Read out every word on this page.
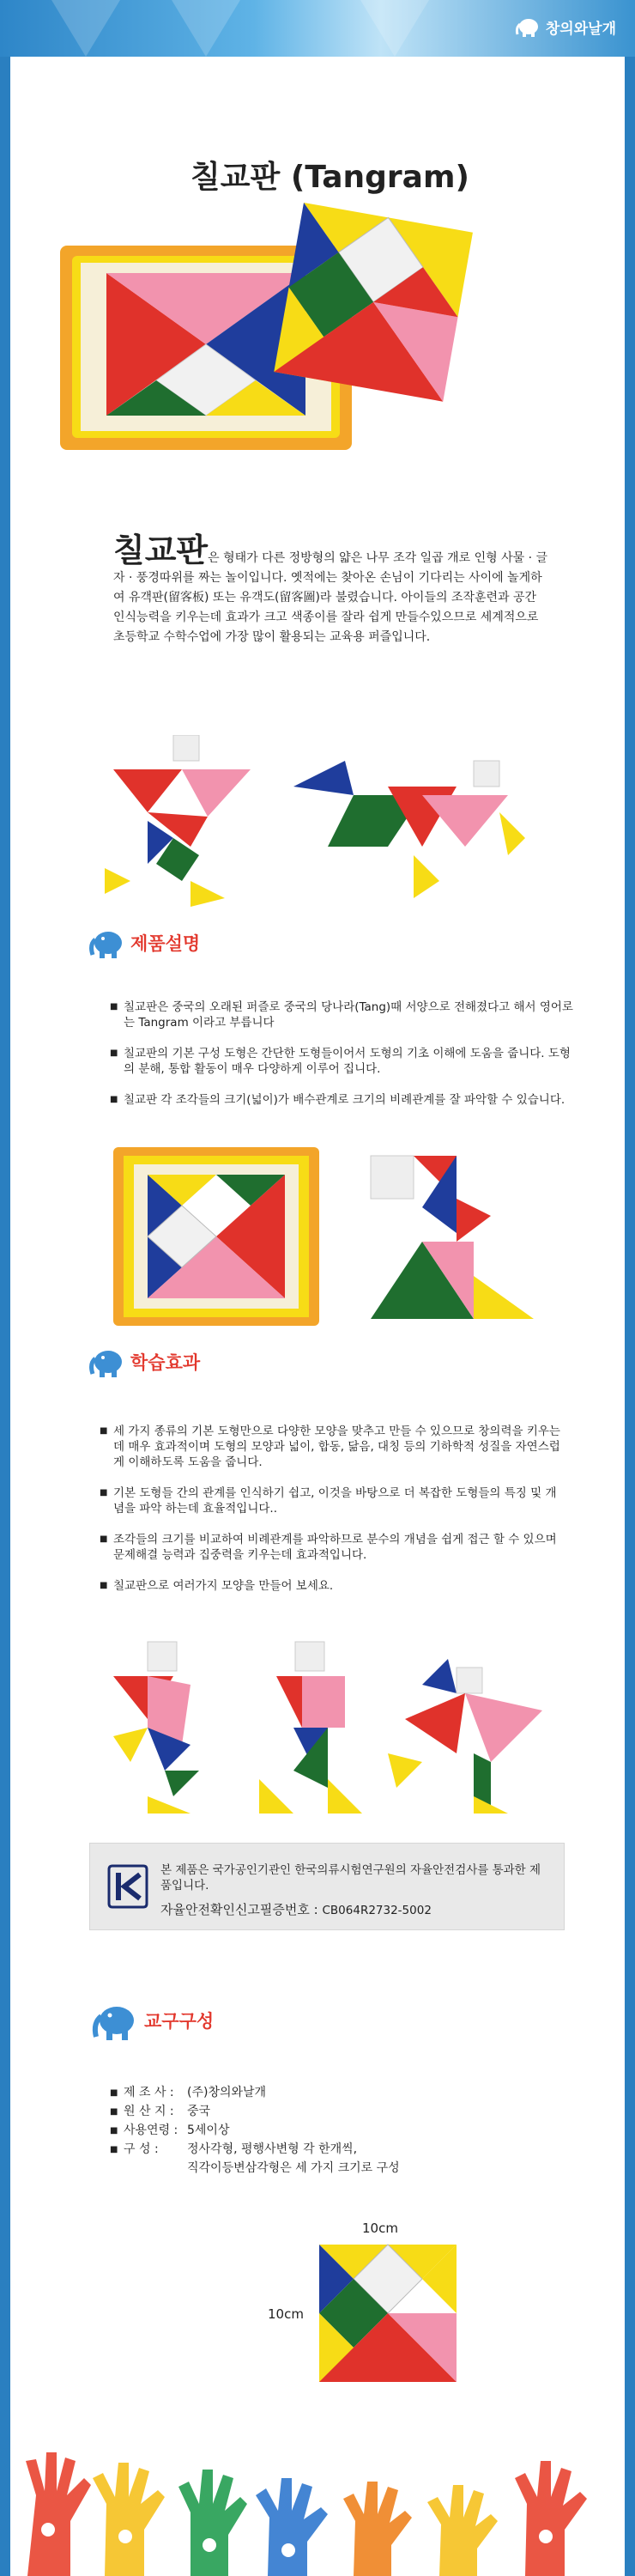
창의와날개
칠교판 (Tangram)
칠교판은 형태가 다른 정방형의 얇은 나무 조각 일곱 개로 인형 사물 · 글자 · 풍경따위를 짜는 놀이입니다. 옛적에는 찾아온 손님이 기다리는 사이에 놀게하여 유객판(留客板) 또는 유객도(留客圖)라 불렸습니다. 아이들의 조작훈련과 공간 인식능력을 키우는데 효과가 크고 색종이를 잘라 쉽게 만들수있으므로 세계적으로 초등학교 수학수업에 가장 많이 활용되는 교육용 퍼즐입니다.
제품설명
■ 칠교판은 중국의 오래된 퍼즐로 중국의 당나라(Tang)때 서양으로 전해졌다고 해서 영어로는 Tangram 이라고 부릅니다
■ 칠교판의 기본 구성 도형은 간단한 도형들이어서 도형의 기초 이해에 도움을 줍니다. 도형의 분해, 통합 활동이 매우 다양하게 이루어 집니다.
■ 칠교판 각 조각들의 크기(넓이)가 배수관계로 크기의 비례관계를 잘 파악할 수 있습니다.
학습효과
■ 세 가지 종류의 기본 도형만으로 다양한 모양을 맞추고 만들 수 있으므로 창의력을 키우는데 매우 효과적이며 도형의 모양과 넓이, 합동, 닮음, 대칭 등의 기하학적 성질을 자연스럽게 이해하도록 도움을 줍니다.
■ 기본 도형들 간의 관계를 인식하기 쉽고, 이것을 바탕으로 더 복잡한 도형들의 특징 및 개념을 파악 하는데 효율적입니다..
■ 조각들의 크기를 비교하여 비례관계를 파악하므로 분수의 개념을 쉽게 접근 할 수 있으며 문제해결 능력과 집중력을 키우는데 효과적입니다.
■ 칠교판으로 여러가지 모양을 만들어 보세요.
본 제품은 국가공인기관인 한국의류시험연구원의 자율안전검사를 통과한 제품입니다.
자율안전확인신고필증번호 : CB064R2732-5002
교구구성
■ 제 조 사 : (주)창의와날개
■ 원 산 지 : 중국
■ 사용연령 : 5세이상
■ 구 성 : 정사각형, 평행사변형 각 한개씩,
직각이등변삼각형은 세 가지 크기로 구성
10cm
10cm
